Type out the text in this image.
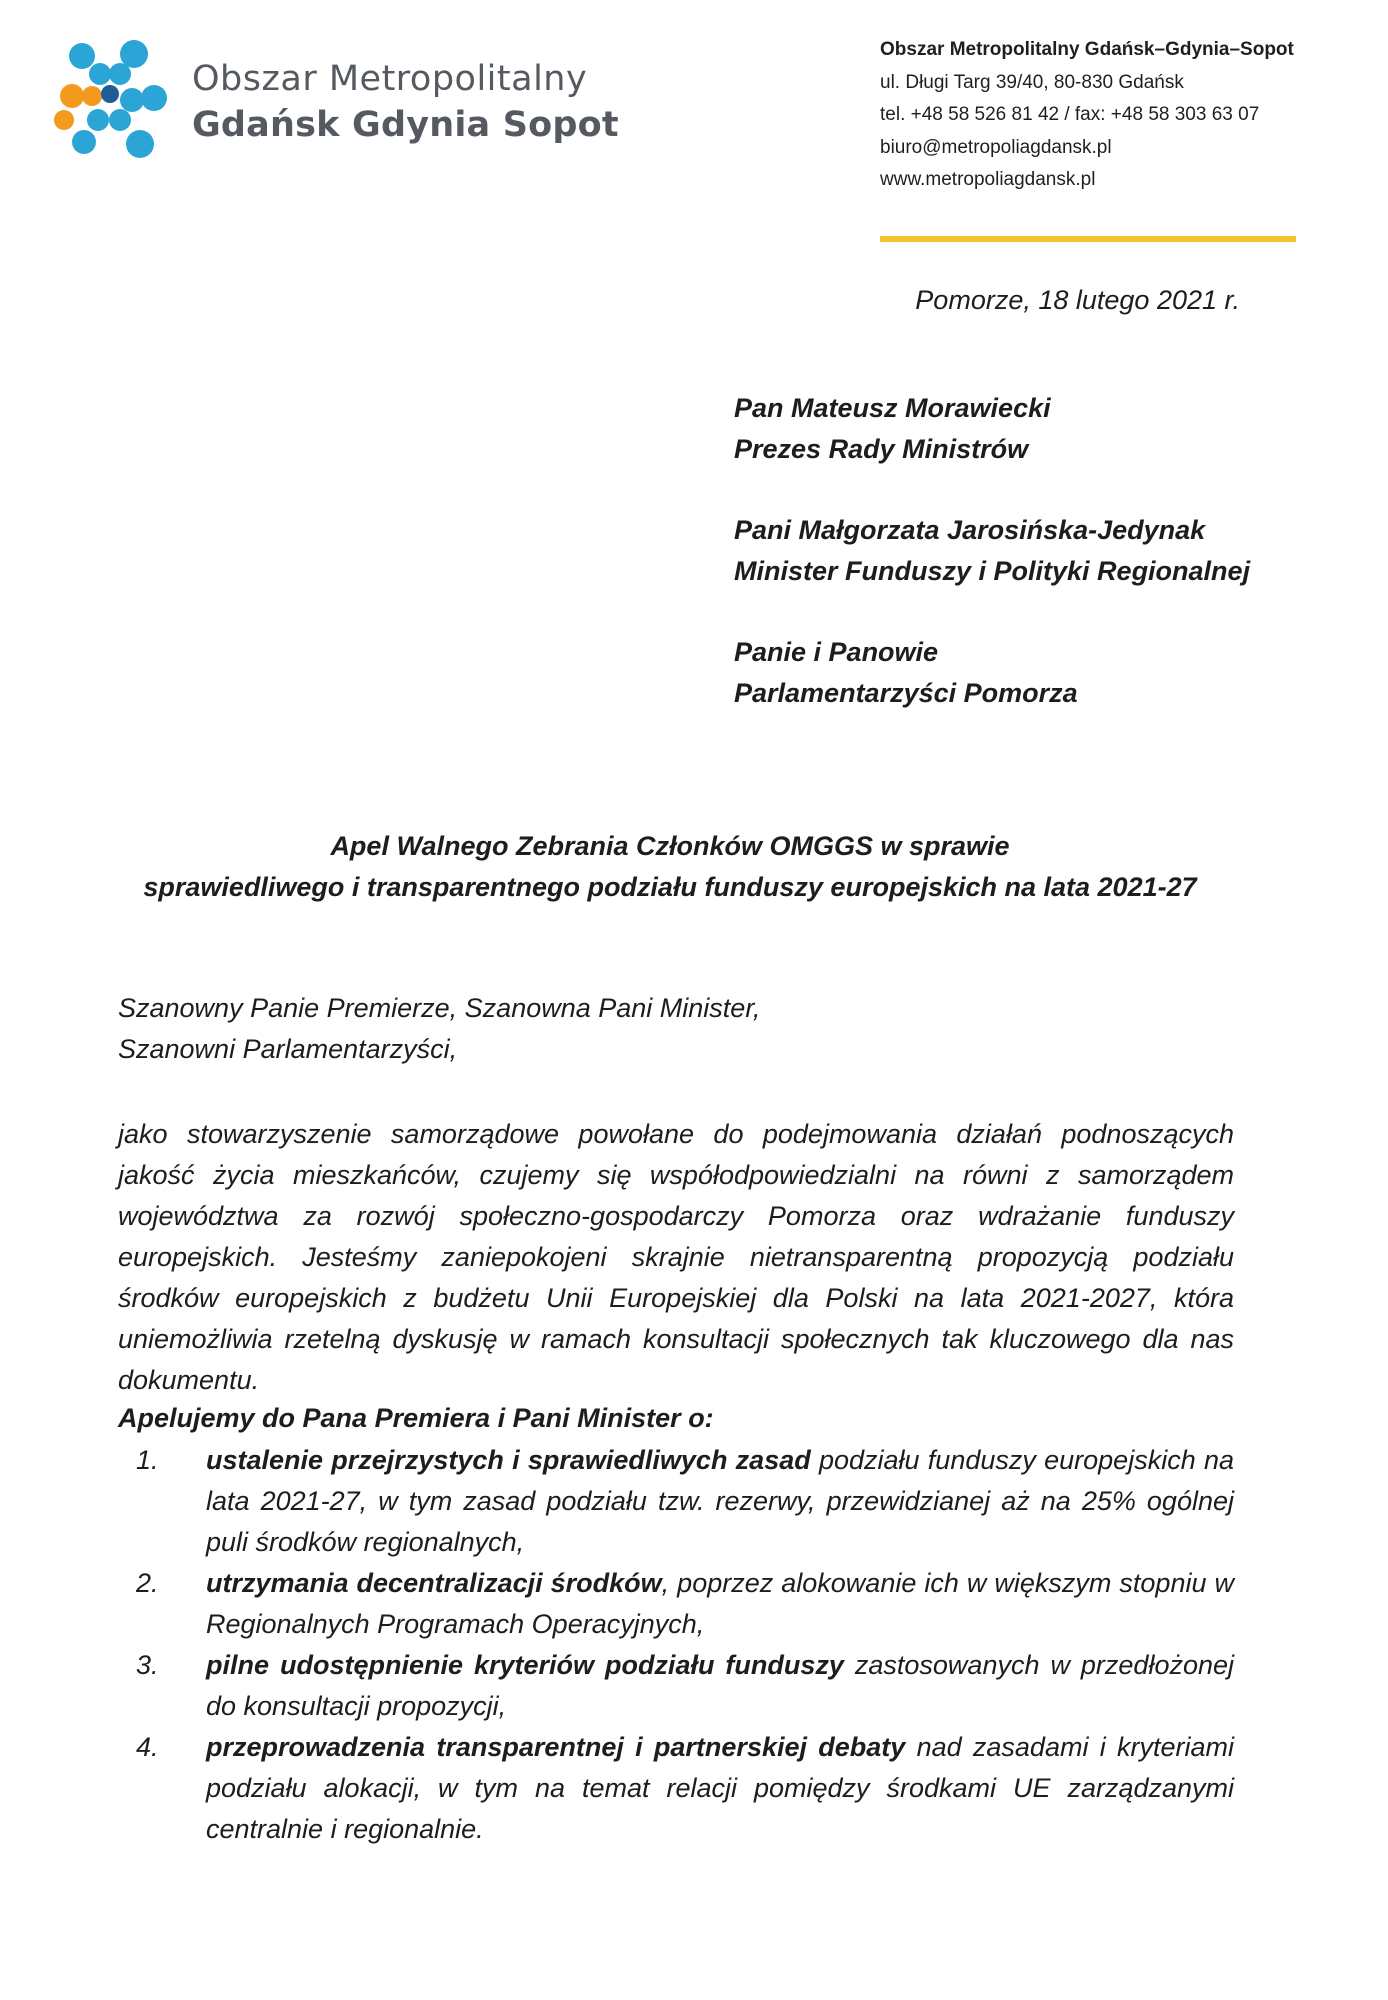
Obszar Metropolitalny
Gdańsk Gdynia Sopot
Obszar Metropolitalny Gdańsk–Gdynia–Sopot
ul. Długi Targ 39/40, 80-830 Gdańsk
tel. +48 58 526 81 42 / fax: +48 58 303 63 07
biuro@metropoliagdansk.pl
www.metropoliagdansk.pl
Pomorze, 18 lutego 2021 r.
Pan Mateusz Morawiecki
Prezes Rady Ministrów
Pani Małgorzata Jarosińska-Jedynak
Minister Funduszy i Polityki Regionalnej
Panie i Panowie
Parlamentarzyści Pomorza
Apel Walnego Zebrania Członków OMGGS w sprawie
sprawiedliwego i transparentnego podziału funduszy europejskich na lata 2021-27
Szanowny Panie Premierze, Szanowna Pani Minister,
Szanowni Parlamentarzyści,
jako stowarzyszenie samorządowe powołane do podejmowania działań podnoszących jakość życia mieszkańców, czujemy się współodpowiedzialni na równi z samorządem województwa za rozwój społeczno-gospodarczy Pomorza oraz wdrażanie funduszy europejskich. Jesteśmy zaniepokojeni skrajnie nietransparentną propozycją podziału środków europejskich z budżetu Unii Europejskiej dla Polski na lata 2021-2027, która uniemożliwia rzetelną dyskusję w ramach konsultacji społecznych tak kluczowego dla nas dokumentu.
Apelujemy do Pana Premiera i Pani Minister o:
1. ustalenie przejrzystych i sprawiedliwych zasad podziału funduszy europejskich na lata 2021-27, w tym zasad podziału tzw. rezerwy, przewidzianej aż na 25% ogólnej puli środków regionalnych,
2. utrzymania decentralizacji środków, poprzez alokowanie ich w większym stopniu w Regionalnych Programach Operacyjnych,
3. pilne udostępnienie kryteriów podziału funduszy zastosowanych w przedłożonej do konsultacji propozycji,
4. przeprowadzenia transparentnej i partnerskiej debaty nad zasadami i kryteriami podziału alokacji, w tym na temat relacji pomiędzy środkami UE zarządzanymi centralnie i regionalnie.
